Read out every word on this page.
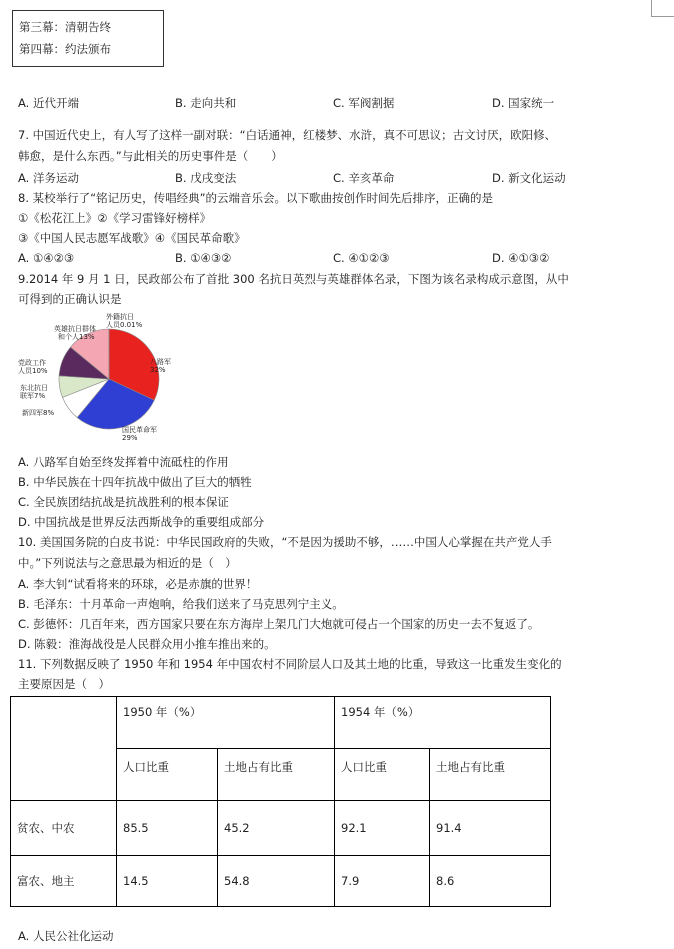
第三幕：清朝告终
第四幕：约法颁布
A. 近代开端	B. 走向共和	C. 军阀割据	D. 国家统一
7. 中国近代史上，有人写了这样一副对联：“白话通神，红楼梦、水浒，真不可思议；古文讨厌，欧阳修、
韩愈，是什么东西。”与此相关的历史事件是（　　）
A. 洋务运动	B. 戊戌变法	C. 辛亥革命	D. 新文化运动
8. 某校举行了“铭记历史，传唱经典”的云端音乐会。以下歌曲按创作时间先后排序，正确的是
①《松花江上》②《学习雷锋好榜样》
③《中国人民志愿军战歌》④《国民革命歌》
A. ①④②③	B. ①④③②	C. ④①②③	D. ④①③②
9.2014 年 9 月 1 日，民政部公布了首批 300 名抗日英烈与英雄群体名录，下图为该名录构成示意图，从中
可得到的正确认识是
英雄抗日群体
和个人13%
外籍抗日
人员0.01%
八路军
32%
党政工作
人员10%
东北抗日
联军7%
新四军8%
国民革命军
29%
A. 八路军自始至终发挥着中流砥柱的作用
B. 中华民族在十四年抗战中做出了巨大的牺牲
C. 全民族团结抗战是抗战胜利的根本保证
D. 中国抗战是世界反法西斯战争的重要组成部分
10. 美国国务院的白皮书说：中华民国政府的失败，“不是因为援助不够，……中国人心掌握在共产党人手
中。”下列说法与之意思最为相近的是（　）
A. 李大钊“试看将来的环球，必是赤旗的世界！
B. 毛泽东：十月革命一声炮响，给我们送来了马克思列宁主义。
C. 彭德怀：几百年来，西方国家只要在东方海岸上架几门大炮就可侵占一个国家的历史一去不复返了。
D. 陈毅：淮海战役是人民群众用小推车推出来的。
11. 下列数据反映了 1950 年和 1954 年中国农村不同阶层人口及其土地的比重，导致这一比重发生变化的
主要原因是（　）
	1950 年（%）		1954 年（%）	
	人口比重	土地占有比重	人口比重	土地占有比重
贫农、中农	85.5	45.2	92.1	91.4
富农、地主	14.5	54.8	7.9	8.6
A. 人民公社化运动
